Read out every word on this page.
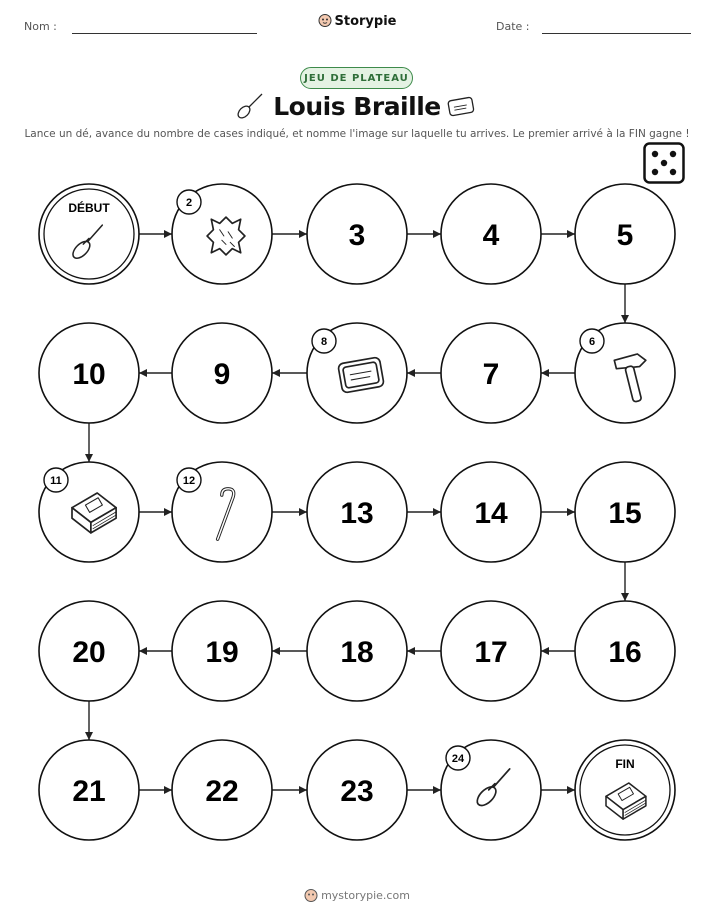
Nom :	Storypie	Date :
JEU DE PLATEAU
Louis Braille
Lance un dé, avance du nombre de cases indiqué, et nomme l'image sur laquelle tu arrives. Le premier arrivé à la FIN gagne !
DÉBUT	2
3	4	5
6
7
8
9
10
11	12
13	14	15
16
17
18
19
20
21	22	23
24	FIN
mystorypie.com
